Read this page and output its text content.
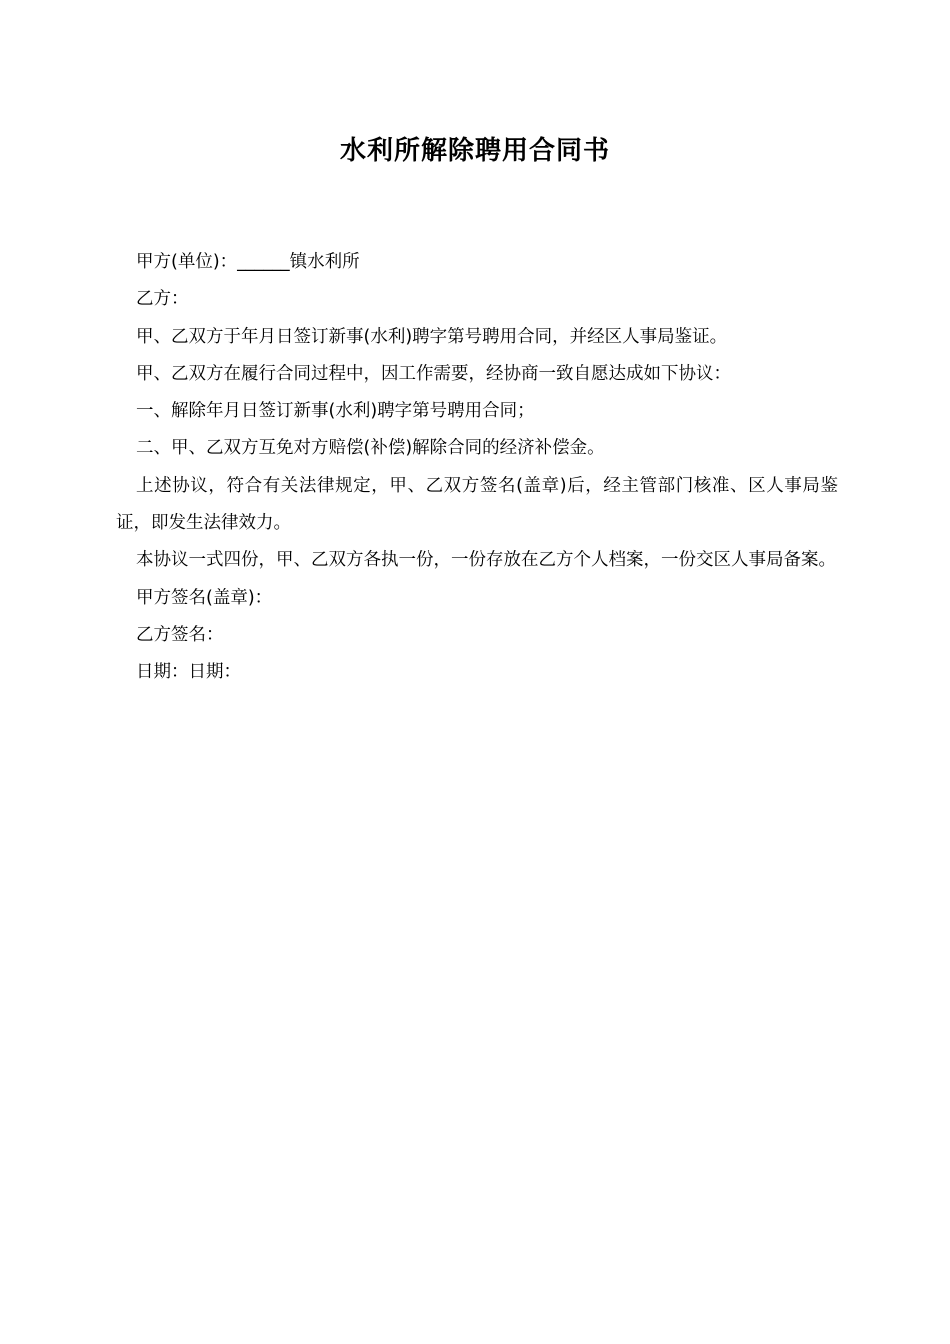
水利所解除聘用合同书

甲方(单位)：______镇水利所

乙方：

甲、乙双方于年月日签订新事(水利)聘字第号聘用合同，并经区人事局鉴证。

甲、乙双方在履行合同过程中，因工作需要，经协商一致自愿达成如下协议：

一、解除年月日签订新事(水利)聘字第号聘用合同；

二、甲、乙双方互免对方赔偿(补偿)解除合同的经济补偿金。

上述协议，符合有关法律规定，甲、乙双方签名(盖章)后，经主管部门核准、区人事局鉴证，即发生法律效力。

本协议一式四份，甲、乙双方各执一份，一份存放在乙方个人档案，一份交区人事局备案。

甲方签名(盖章)：

乙方签名：

日期：日期：
